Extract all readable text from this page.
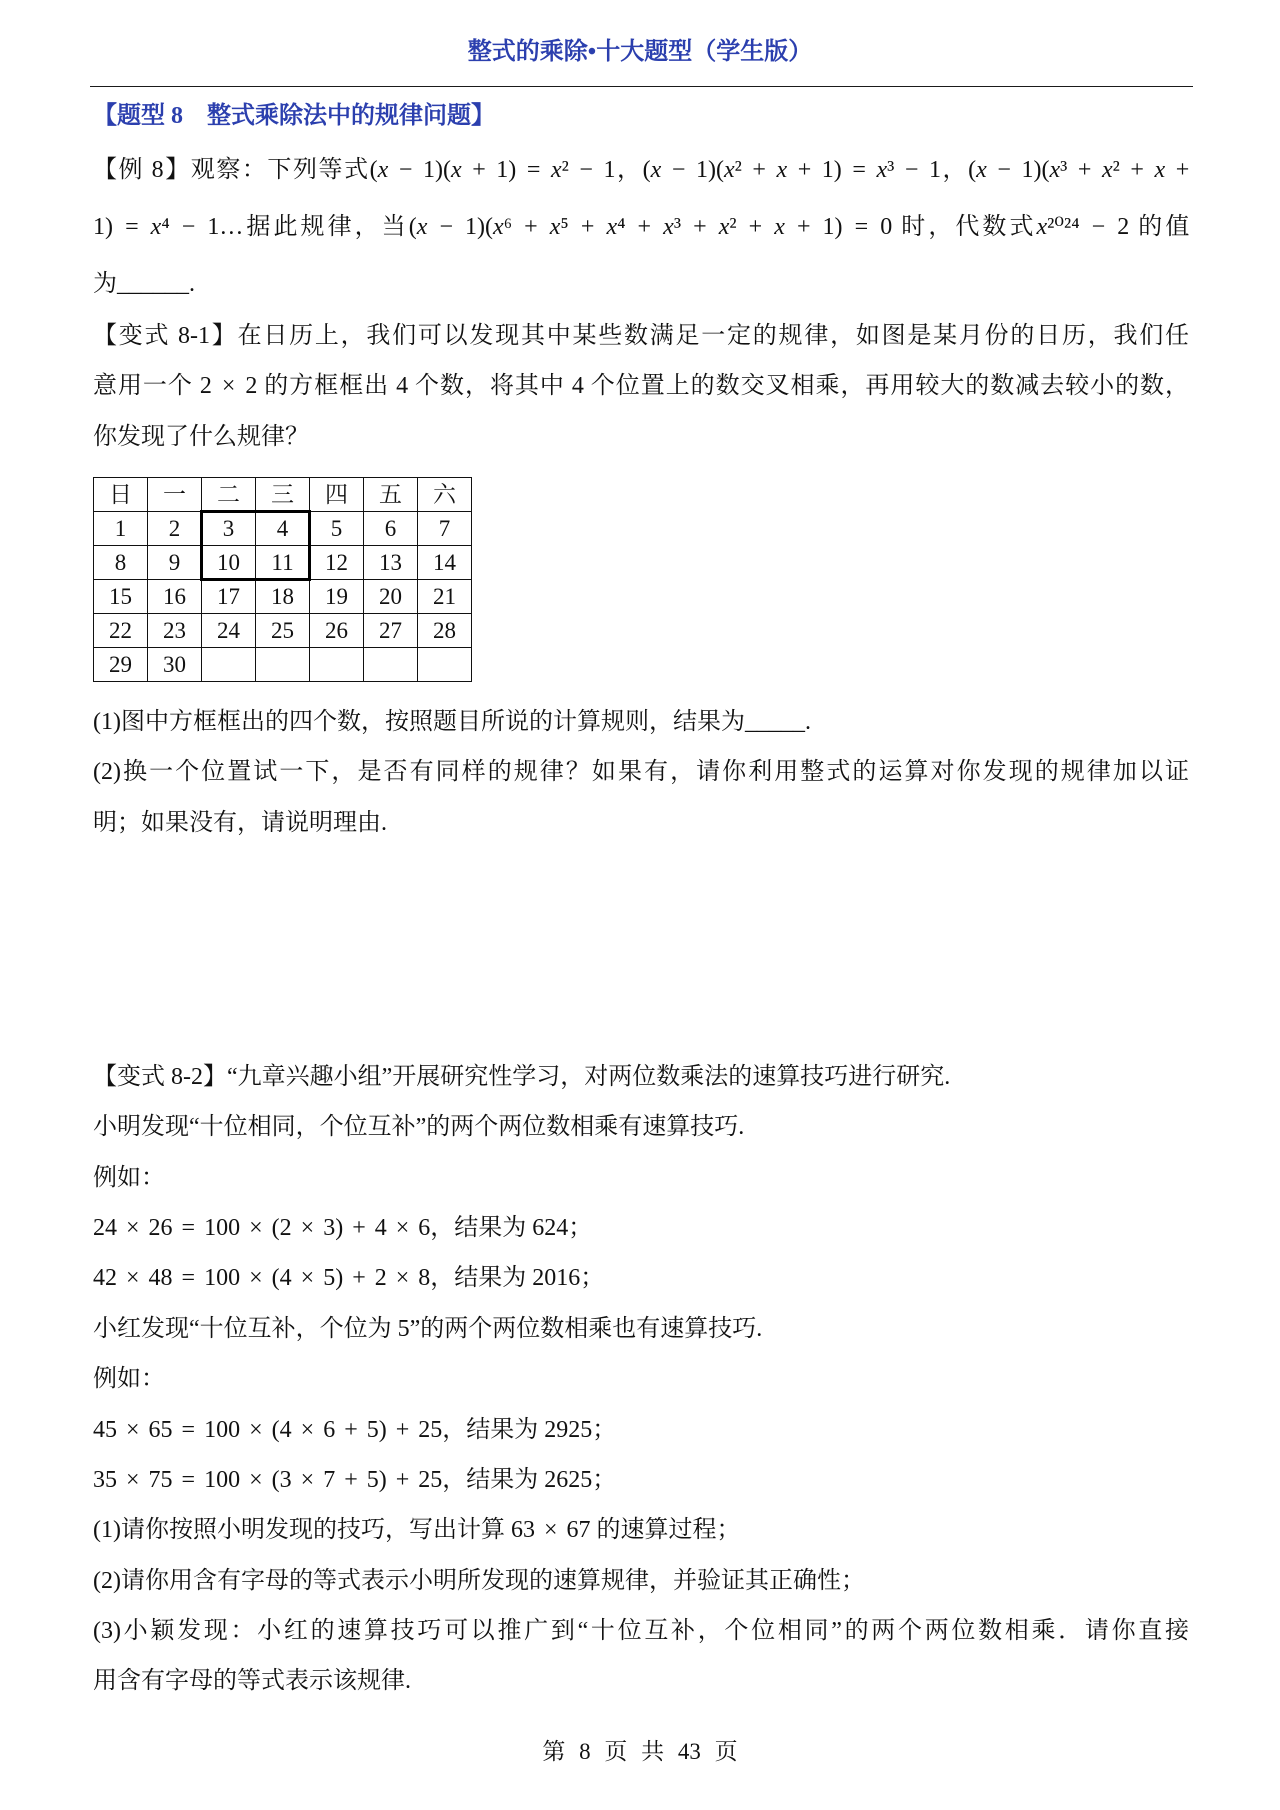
整式的乘除•十大题型（学生版）
【题型 8　整式乘除法中的规律问题】
【例 8】观察：下列等式(x − 1)(x + 1) = x² − 1，(x − 1)(x² + x + 1) = x³ − 1，(x − 1)(x³ + x² + x +
1) = x⁴ − 1…据此规律，当(x − 1)(x⁶ + x⁵ + x⁴ + x³ + x² + x + 1) = 0 时，代数式x²⁰²⁴ − 2 的值
为______.
【变式 8-1】在日历上，我们可以发现其中某些数满足一定的规律，如图是某月份的日历，我们任
意用一个 2 × 2 的方框框出 4 个数，将其中 4 个位置上的数交叉相乘，再用较大的数减去较小的数，
你发现了什么规律？
日	一	二	三	四	五	六
1	2	3	4	5	6	7
8	9	10	11	12	13	14
15	16	17	18	19	20	21
22	23	24	25	26	27	28
29	30
(1)图中方框框出的四个数，按照题目所说的计算规则，结果为_____.
(2)换一个位置试一下，是否有同样的规律？如果有，请你利用整式的运算对你发现的规律加以证
明；如果没有，请说明理由.
【变式 8-2】“九章兴趣小组”开展研究性学习，对两位数乘法的速算技巧进行研究.
小明发现“十位相同，个位互补”的两个两位数相乘有速算技巧.
例如：
24 × 26 = 100 × (2 × 3) + 4 × 6，结果为 624；
42 × 48 = 100 × (4 × 5) + 2 × 8，结果为 2016；
小红发现“十位互补，个位为 5”的两个两位数相乘也有速算技巧.
例如：
45 × 65 = 100 × (4 × 6 + 5) + 25，结果为 2925；
35 × 75 = 100 × (3 × 7 + 5) + 25，结果为 2625；
(1)请你按照小明发现的技巧，写出计算 63 × 67 的速算过程；
(2)请你用含有字母的等式表示小明所发现的速算规律，并验证其正确性；
(3)小颖发现：小红的速算技巧可以推广到“十位互补，个位相同”的两个两位数相乘．请你直接
用含有字母的等式表示该规律.
第 8 页 共 43 页
